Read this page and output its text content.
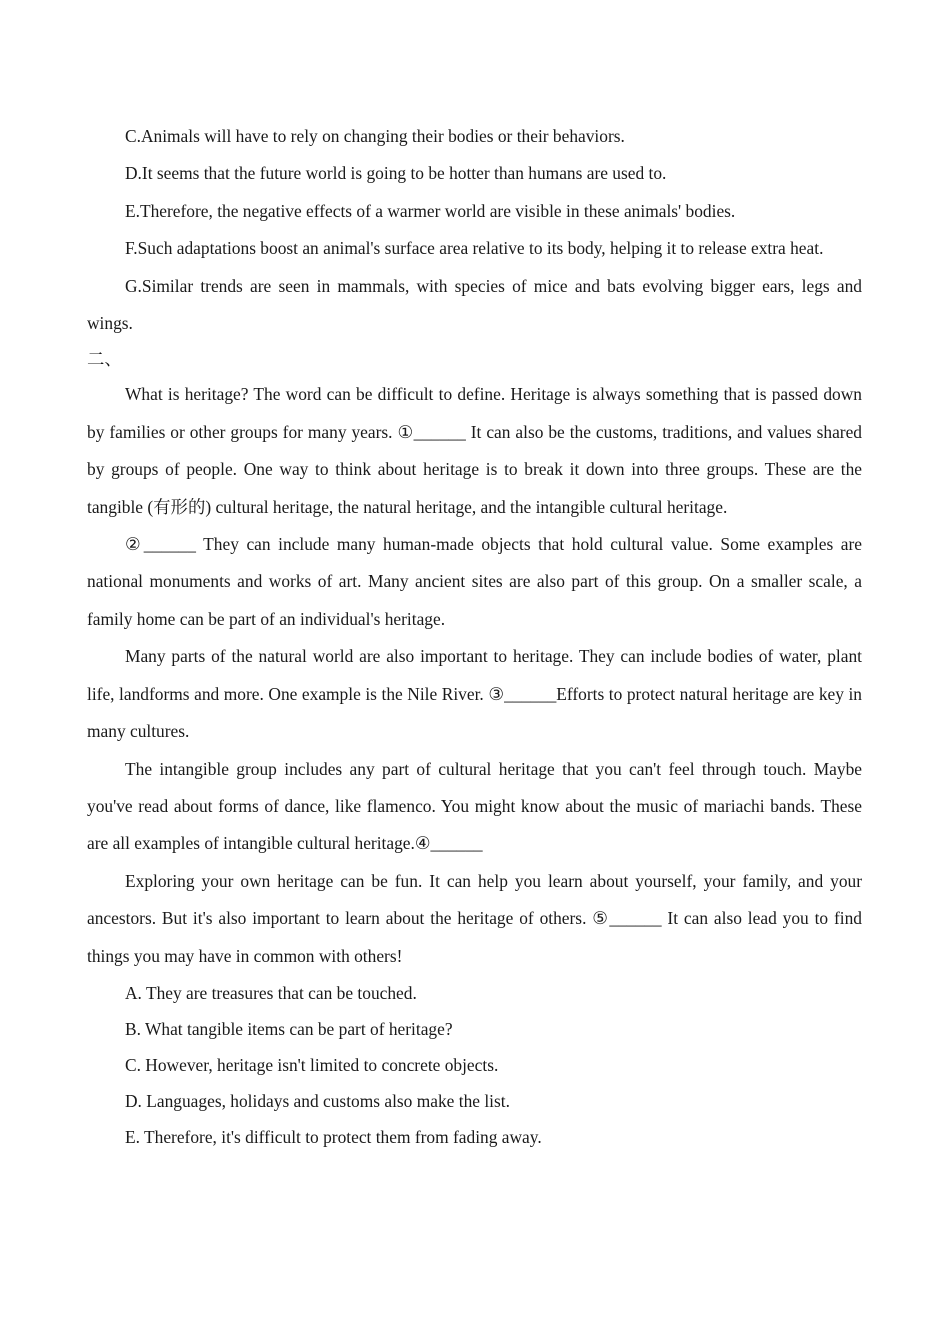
C.Animals will have to rely on changing their bodies or their behaviors.

D.It seems that the future world is going to be hotter than humans are used to.

E.Therefore, the negative effects of a warmer world are visible in these animals' bodies.

F.Such adaptations boost an animal's surface area relative to its body, helping it to release extra heat.

G.Similar trends are seen in mammals, with species of mice and bats evolving bigger ears, legs and wings.

二、

What is heritage? The word can be difficult to define. Heritage is always something that is passed down by families or other groups for many years. ①______ It can also be the customs, traditions, and values shared by groups of people. One way to think about heritage is to break it down into three groups. These are the tangible (有形的) cultural heritage, the natural heritage, and the intangible cultural heritage.

②______ They can include many human-made objects that hold cultural value. Some examples are national monuments and works of art. Many ancient sites are also part of this group. On a smaller scale, a family home can be part of an individual's heritage.

Many parts of the natural world are also important to heritage. They can include bodies of water, plant life, landforms and more. One example is the Nile River. ③______Efforts to protect natural heritage are key in many cultures.

The intangible group includes any part of cultural heritage that you can't feel through touch. Maybe you've read about forms of dance, like flamenco. You might know about the music of mariachi bands. These are all examples of intangible cultural heritage.④______

Exploring your own heritage can be fun. It can help you learn about yourself, your family, and your ancestors. But it's also important to learn about the heritage of others. ⑤______ It can also lead you to find things you may have in common with others!

A. They are treasures that can be touched.

B. What tangible items can be part of heritage?

C. However, heritage isn't limited to concrete objects.

D. Languages, holidays and customs also make the list.

E. Therefore, it's difficult to protect them from fading away.
